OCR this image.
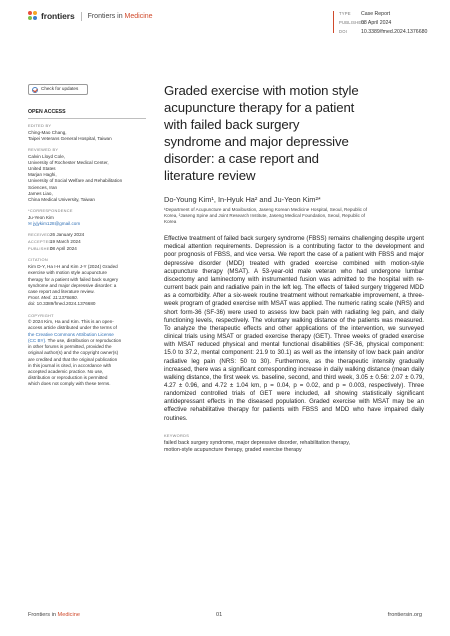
frontiers Frontiers in Medicine	TYPE Case Report
PUBLISHED08 April 2024
DOI	10.3389/fmed.2024.1376680
Check for updates
OPEN ACCESS
EDITED BY
Ching-Mao Chang,
Taipei Veterans General Hospital, Taiwan
REVIEWED BY
Calvin Lloyd Cole,
University of Rochester Medical Center,
United States
Marjan Haghi,
University of Social Welfare and Rehabilitation
Sciences, Iran
James Liao,
China Medical University, Taiwan
*CORRESPONDENCE
Ju-Yeon Kim
✉ jyjykim128@gmail.com
RECEIVED26 January 2024
ACCEPTED19 March 2024
PUBLISHED08 April 2024
CITATION
Kim D-Y, Ha I-H and Kim J-Y (2024) Graded
exercise with motion style acupuncture
therapy for a patient with failed back surgery
syndrome and major depressive disorder: a
case report and literature review.
Front. Med. 11:1376680.
doi: 10.3389/fmed.2024.1376680
COPYRIGHT
© 2024 Kim, Ha and Kim. This is an open-
access article distributed under the terms of
the Creative Commons Attribution License
(CC BY). The use, distribution or reproduction
in other forums is permitted, provided the
original author(s) and the copyright owner(s)
are credited and that the original publication
in this journal is cited, in accordance with
accepted academic practice. No use,
distribution or reproduction is permitted
which does not comply with these terms.
Graded exercise with motion style
acupuncture therapy for a patient
with failed back surgery
syndrome and major depressive
disorder: a case report and
literature review
Do-Young Kim¹, In-Hyuk Ha² and Ju-Yeon Kim²*
¹Department of Acupuncture and Moxibustion, Jaseng Korean Medicine Hospital, Seoul, Republic of
Korea, ²Jaseng Spine and Joint Research Institute, Jaseng Medical Foundation, Seoul, Republic of
Korea

Effective treatment of failed back surgery syndrome (FBSS) remains challenging despite urgent medical attention requirements. Depression is a contributing factor to the development and poor prognosis of FBSS, and vice versa. We report the case of a patient with FBSS and major depressive disorder (MDD) treated with graded exercise combined with motion-style acupuncture therapy (MSAT). A 53-year-old male veteran who had undergone lumbar discectomy and laminectomy with instrumented fusion was admitted to the hospital with re-current back pain and radiative pain in the left leg. The effects of failed surgery triggered MDD as a comorbidity. After a six-week routine treatment without remarkable improvement, a three-week program of graded exercise with MSAT was applied. The numeric rating scale (NRS) and short form-36 (SF-36) were used to assess low back pain with radiating leg pain, and daily functioning levels, respectively. The voluntary walking distance of the patients was measured. To analyze the therapeutic effects and other applications of the intervention, we surveyed clinical trials using MSAT or graded exercise therapy (GET). Three weeks of graded exercise with MSAT reduced physical and mental functional disabilities (SF-36, physical component: 15.0 to 37.2, mental component: 21.9 to 30.1) as well as the intensity of low back pain and/or radiative leg pain (NRS: 50 to 30). Furthermore, as the therapeutic intensity gradually increased, there was a significant corresponding increase in daily walking distance (mean daily walking distance, the first week vs. baseline, second, and third week, 3.05 ± 0.56: 2.07 ± 0.79, 4.27 ± 0.96, and 4.72 ± 1.04 km, p = 0.04, p = 0.02, and p = 0.003, respectively). Three randomized controlled trials of GET were included, all showing statistically significant antidepressant effects in the diseased population. Graded exercise with MSAT may be an effective rehabilitative therapy for patients with FBSS and MDD who have impaired daily routines.

KEYWORDS
failed back surgery syndrome, major depressive disorder, rehabilitation therapy,
motion-style acupuncture therapy, graded exercise therapy
Frontiers in Medicine	01	frontiersin.org
